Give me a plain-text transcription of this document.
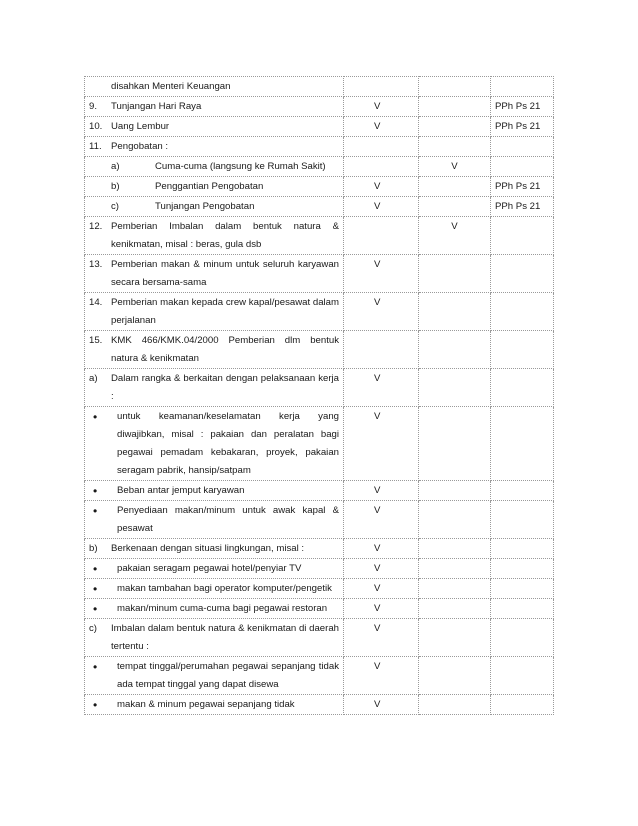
disahkan Menteri Keuangan			

9. Tunjangan Hari Raya	V		PPh Ps 21

10. Uang Lembur	V		PPh Ps 21

11. Pengobatan :			

a) Cuma-cuma (langsung ke Rumah Sakit)		V	

b) Penggantian Pengobatan	V		PPh Ps 21

c) Tunjangan Pengobatan	V		PPh Ps 21

12. Pemberian Imbalan dalam bentuk natura & kenikmatan, misal : beras, gula dsb		V	

13. Pemberian makan & minum untuk seluruh karyawan secara bersama-sama	V		

14. Pemberian makan kepada crew kapal/pesawat dalam perjalanan	V		

15. KMK 466/KMK.04/2000 Pemberian dlm bentuk natura & kenikmatan			

a) Dalam rangka & berkaitan dengan pelaksanaan kerja :	V		

• untuk keamanan/keselamatan kerja yang diwajibkan, misal : pakaian dan peralatan bagi pegawai pemadam kebakaran, proyek, pakaian seragam pabrik, hansip/satpam	V		

• Beban antar jemput karyawan	V		

• Penyediaan makan/minum untuk awak kapal & pesawat	V		

b) Berkenaan dengan situasi lingkungan, misal :	V		

• pakaian seragam pegawai hotel/penyiar TV	V		

• makan tambahan bagi operator komputer/pengetik	V		

• makan/minum cuma-cuma bagi pegawai restoran	V		

c) Imbalan dalam bentuk natura & kenikmatan di daerah tertentu :	V		

• tempat tinggal/perumahan pegawai sepanjang tidak ada tempat tinggal yang dapat disewa	V		

• makan & minum pegawai sepanjang tidak	V		
